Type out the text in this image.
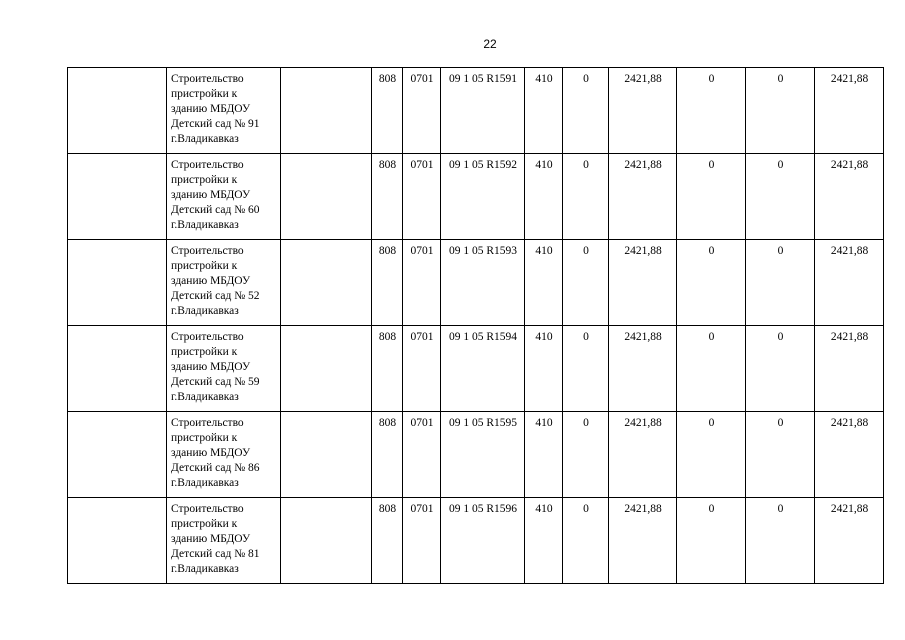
22

	Строительство
пристройки к
зданию МБДОУ
Детский сад № 91
г.Владикавказ		808	0701	09 1 05 R1591	410	0	2421,88	0	0	2421,88

	Строительство
пристройки к
зданию МБДОУ
Детский сад № 60
г.Владикавказ		808	0701	09 1 05 R1592	410	0	2421,88	0	0	2421,88

	Строительство
пристройки к
зданию МБДОУ
Детский сад № 52
г.Владикавказ		808	0701	09 1 05 R1593	410	0	2421,88	0	0	2421,88

	Строительство
пристройки к
зданию МБДОУ
Детский сад № 59
г.Владикавказ		808	0701	09 1 05 R1594	410	0	2421,88	0	0	2421,88

	Строительство
пристройки к
зданию МБДОУ
Детский сад № 86
г.Владикавказ		808	0701	09 1 05 R1595	410	0	2421,88	0	0	2421,88

	Строительство
пристройки к
зданию МБДОУ
Детский сад № 81
г.Владикавказ		808	0701	09 1 05 R1596	410	0	2421,88	0	0	2421,88
